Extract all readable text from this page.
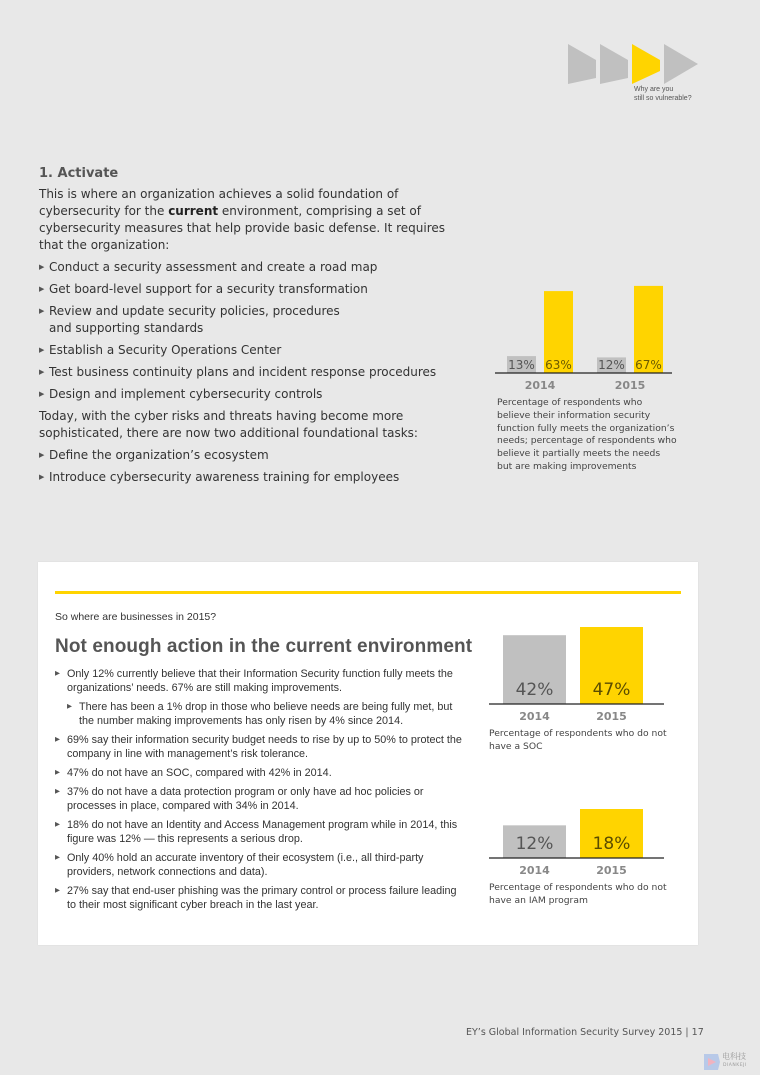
Why are you
still so vulnerable?
1. Activate

This is where an organization achieves a solid foundation of cybersecurity for the current environment, comprising a set of cybersecurity measures that help provide basic defense. It requires that the organization:

▶ Conduct a security assessment and create a road map
▶ Get board-level support for a security transformation
▶ Review and update security policies, procedures and supporting standards
▶ Establish a Security Operations Center
▶ Test business continuity plans and incident response procedures
▶ Design and implement cybersecurity controls

Today, with the cyber risks and threats having become more sophisticated, there are now two additional foundational tasks:

▶ Define the organization’s ecosystem
▶ Introduce cybersecurity awareness training for employees
13% 63%
2014
12% 67%
2015
Percentage of respondents who believe their information security function fully meets the organization’s needs; percentage of respondents who believe it partially meets the needs but are making improvements
So where are businesses in 2015?
Not enough action in the current environment
▶ Only 12% currently believe that their Information Security function fully meets the organizations’ needs. 67% are still making improvements.
▶ There has been a 1% drop in those who believe needs are being fully met, but the number making improvements has only risen by 4% since 2014.
▶ 69% say their information security budget needs to rise by up to 50% to protect the company in line with management’s risk tolerance.
▶ 47% do not have an SOC, compared with 42% in 2014.
▶ 37% do not have a data protection program or only have ad hoc policies or processes in place, compared with 34% in 2014.
▶ 18% do not have an Identity and Access Management program while in 2014, this figure was 12% — this represents a serious drop.
▶ Only 40% hold an accurate inventory of their ecosystem (i.e., all third-party providers, network connections and data).
▶ 27% say that end-user phishing was the primary control or process failure leading to their most significant cyber breach in the last year.
42%
2014
47%
2015
Percentage of respondents who do not have a SOC
12%
2014
18%
2015
Percentage of respondents who do not have an IAM program
EY’s Global Information Security Survey 2015 | 17
电科技
DIANKEJI
